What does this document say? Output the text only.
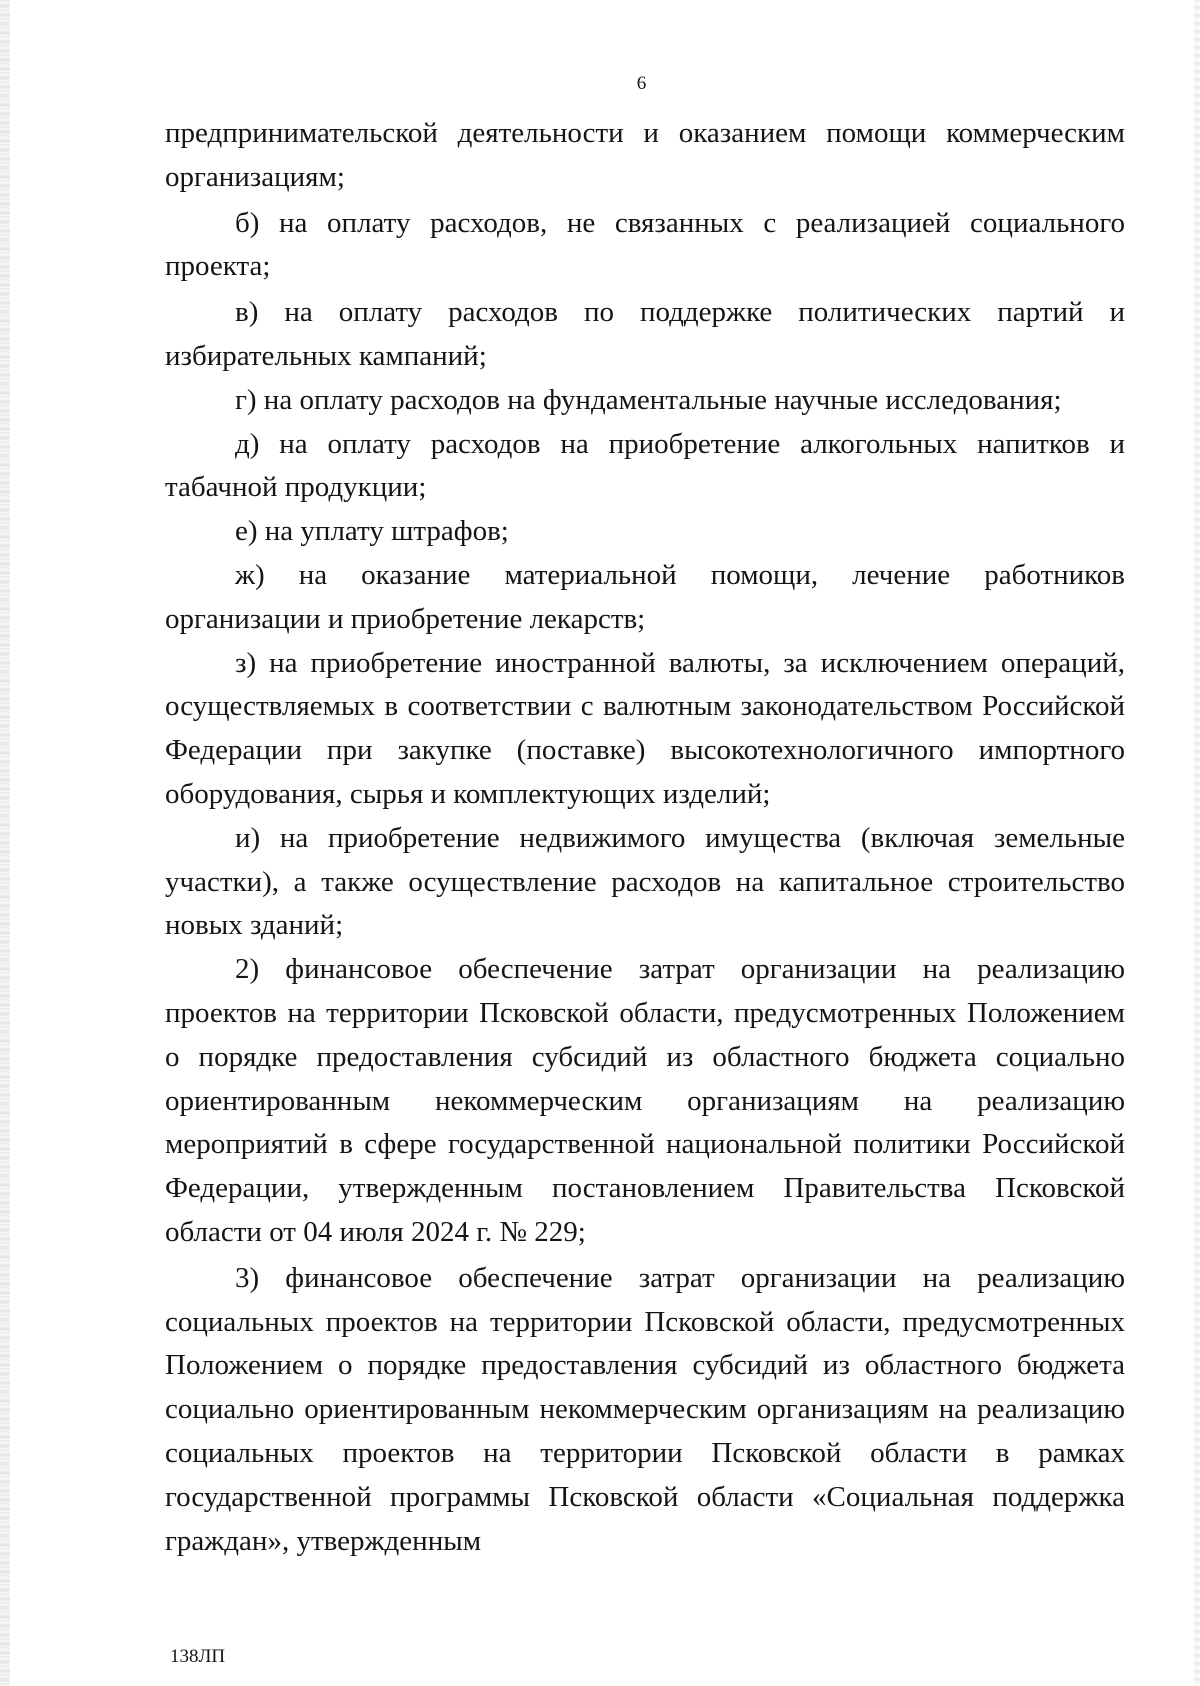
6

предпринимательской деятельности и оказанием помощи коммерческим организациям;

б) на оплату расходов, не связанных с реализацией социального проекта;

в) на оплату расходов по поддержке политических партий и избирательных кампаний;

г) на оплату расходов на фундаментальные научные исследования;

д) на оплату расходов на приобретение алкогольных напитков и табачной продукции;

е) на уплату штрафов;

ж) на оказание материальной помощи, лечение работников организации и приобретение лекарств;

з) на приобретение иностранной валюты, за исключением операций, осуществляемых в соответствии с валютным законодательством Российской Федерации при закупке (поставке) высокотехнологичного импортного оборудования, сырья и комплектующих изделий;

и) на приобретение недвижимого имущества (включая земельные участки), а также осуществление расходов на капитальное строительство новых зданий;

2) финансовое обеспечение затрат организации на реализацию проектов на территории Псковской области, предусмотренных Положением о порядке предоставления субсидий из областного бюджета социально ориентированным некоммерческим организациям на реализацию мероприятий в сфере государственной национальной политики Российской Федерации, утвержденным постановлением Правительства Псковской области от 04 июля 2024 г. № 229;

3) финансовое обеспечение затрат организации на реализацию социальных проектов на территории Псковской области, предусмотренных Положением о порядке предоставления субсидий из областного бюджета социально ориентированным некоммерческим организациям на реализацию социальных проектов на территории Псковской области в рамках государственной программы Псковской области «Социальная поддержка граждан», утвержденным

138ЛП
